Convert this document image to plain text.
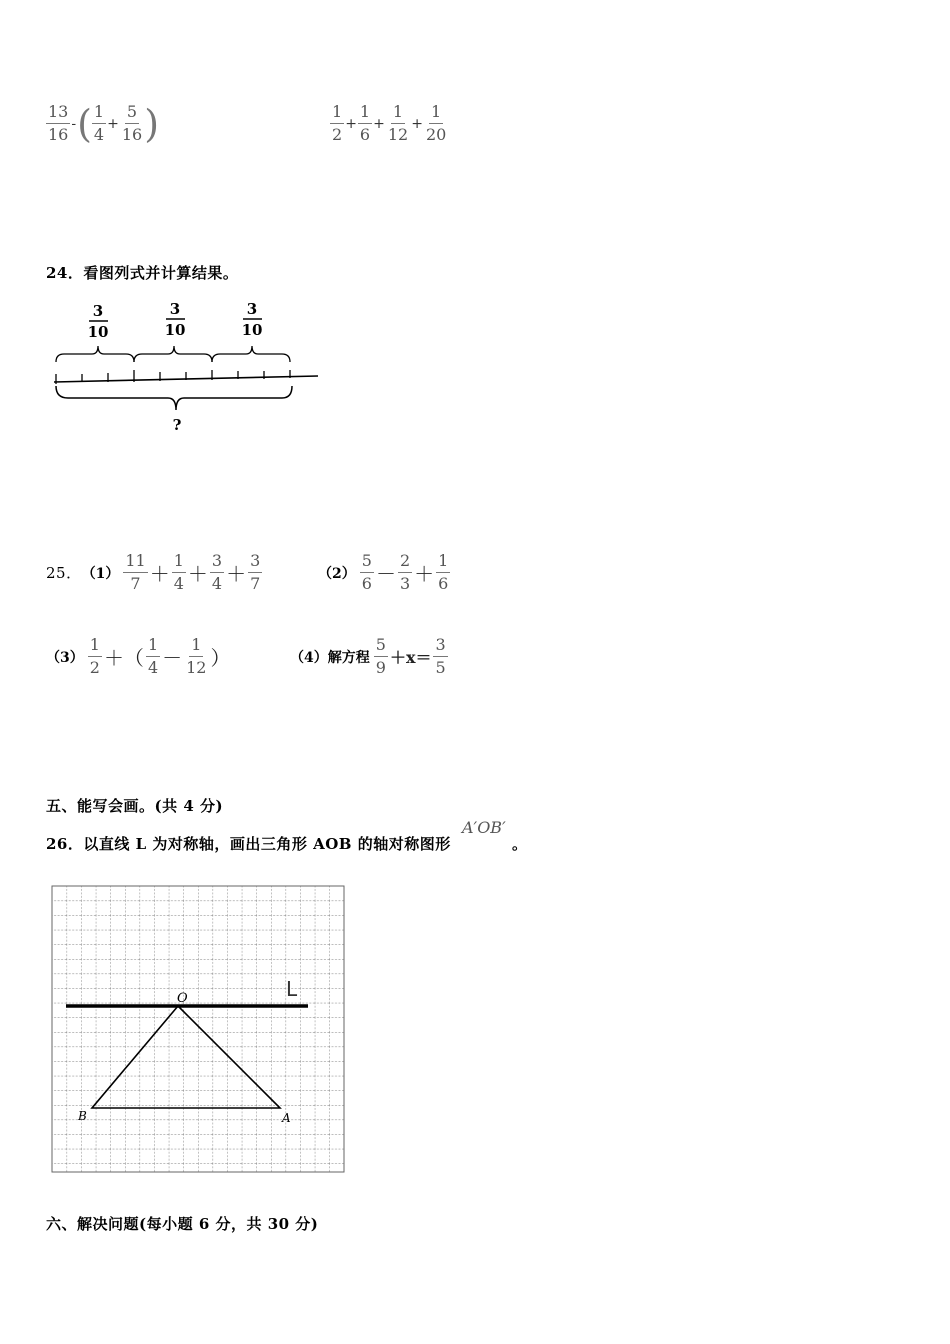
$\frac{13}{16}$ -( $\frac{1}{4} + \frac{5}{16}$ )	$\frac{1}{2} + \frac{1}{6} + \frac{1}{12} + \frac{1}{20}$
24．看图列式并计算结果。
3
10
3
10
3
10
?
25． $(1) \frac{11}{7} + \frac{1}{4} + \frac{3}{4} + \frac{3}{7}$	$(2) \frac{5}{6} - \frac{2}{3} + \frac{1}{6}$
$(3) \frac{1}{2}$ ＋（ $\frac{1}{4} - \frac{1}{12}$ ）	（4）解方程 $\frac{5}{9} +x= \frac{3}{5}$
五、能写会画。(共 4 分)
26．以直线 L 为对称轴，画出三角形 AOB 的轴对称图形
A′OB′
。
L
O
A
B
六、解决问题(每小题 6 分，共 30 分)
